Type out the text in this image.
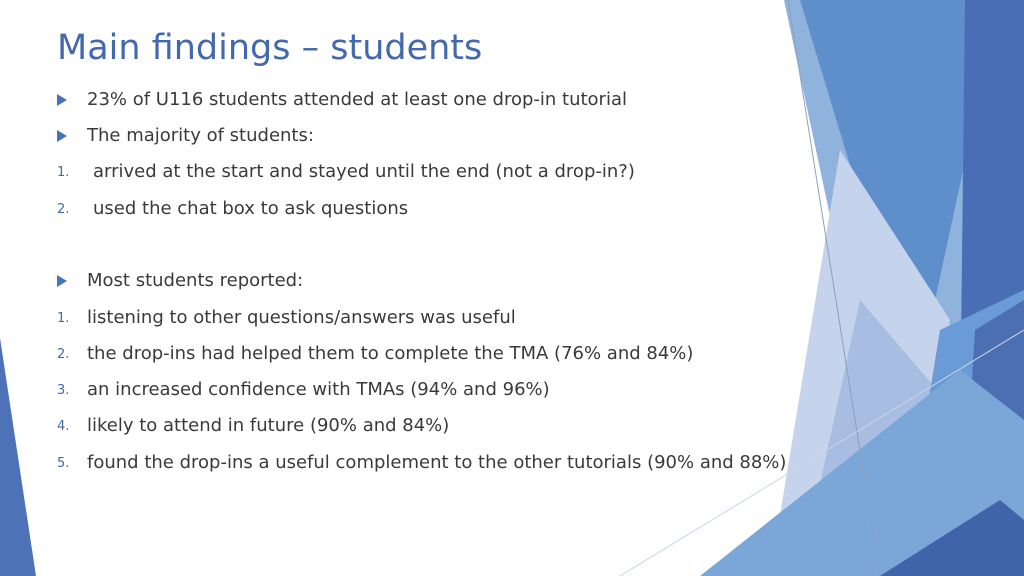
Main findings – students
23% of U116 students attended at least one drop-in tutorial
The majority of students:
1. arrived at the start and stayed until the end (not a drop-in?)
2. used the chat box to ask questions
Most students reported:
1. listening to other questions/answers was useful
2. the drop-ins had helped them to complete the TMA (76% and 84%)
3. an increased confidence with TMAs (94% and 96%)
4. likely to attend in future (90% and 84%)
5. found the drop-ins a useful complement to the other tutorials (90% and 88%)
